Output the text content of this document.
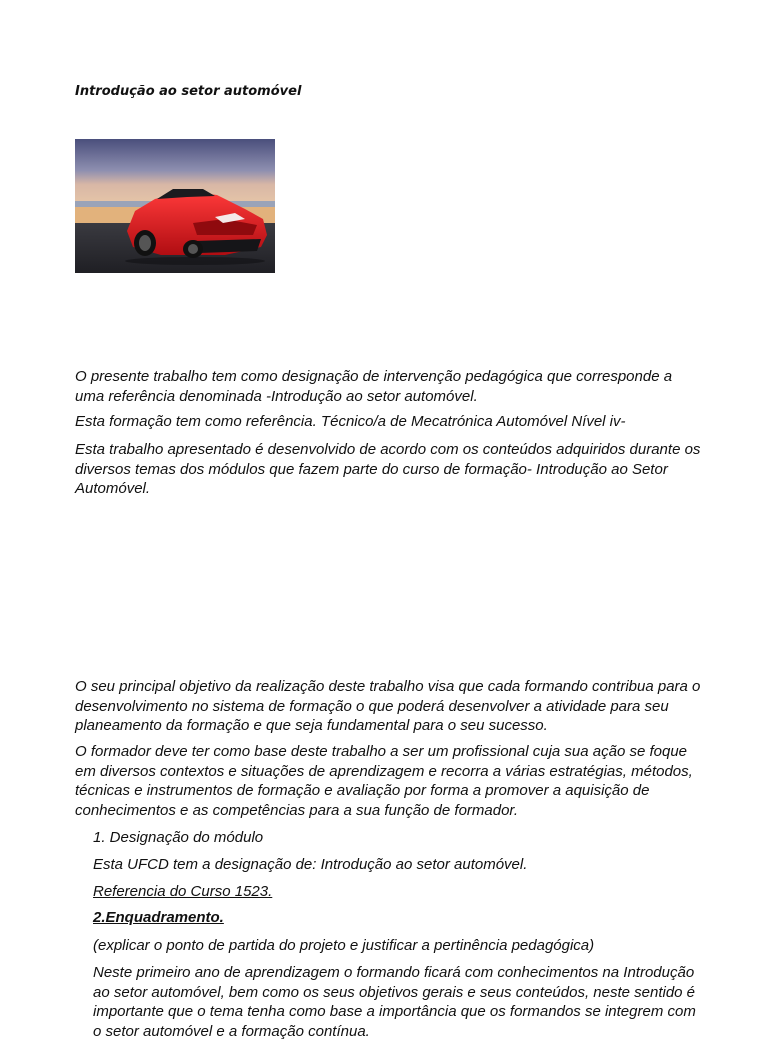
Introdução ao setor automóvel

O presente trabalho tem como designação de intervenção pedagógica que corresponde a uma referência denominada -Introdução ao setor automóvel.

Esta formação tem como referência. Técnico/a de Mecatrónica Automóvel Nível iv-

Esta trabalho apresentado é desenvolvido de acordo com os conteúdos adquiridos durante os diversos temas dos módulos que fazem parte do curso de formação- Introdução ao Setor Automóvel.

O seu principal objetivo da realização deste trabalho visa que cada formando contribua para o desenvolvimento no sistema de formação o que poderá desenvolver a atividade para seu planeamento da formação e que seja fundamental para o seu sucesso.

O formador deve ter como base deste trabalho a ser um profissional cuja sua ação se foque em diversos contextos e situações de aprendizagem e recorra a várias estratégias, métodos, técnicas e instrumentos de formação e avaliação por forma a promover a aquisição de conhecimentos e as competências para a sua função de formador.

1. Designação do módulo

Esta UFCD tem a designação de: Introdução ao setor automóvel.

Referencia do Curso 1523.

2.Enquadramento.

(explicar o ponto de partida do projeto e justificar a pertinência pedagógica)

Neste primeiro ano de aprendizagem o formando ficará com conhecimentos na Introdução ao setor automóvel, bem como os seus objetivos gerais e seus conteúdos, neste sentido é importante que o tema tenha como base a importância que os formandos se integrem com o setor automóvel e a formação contínua.
